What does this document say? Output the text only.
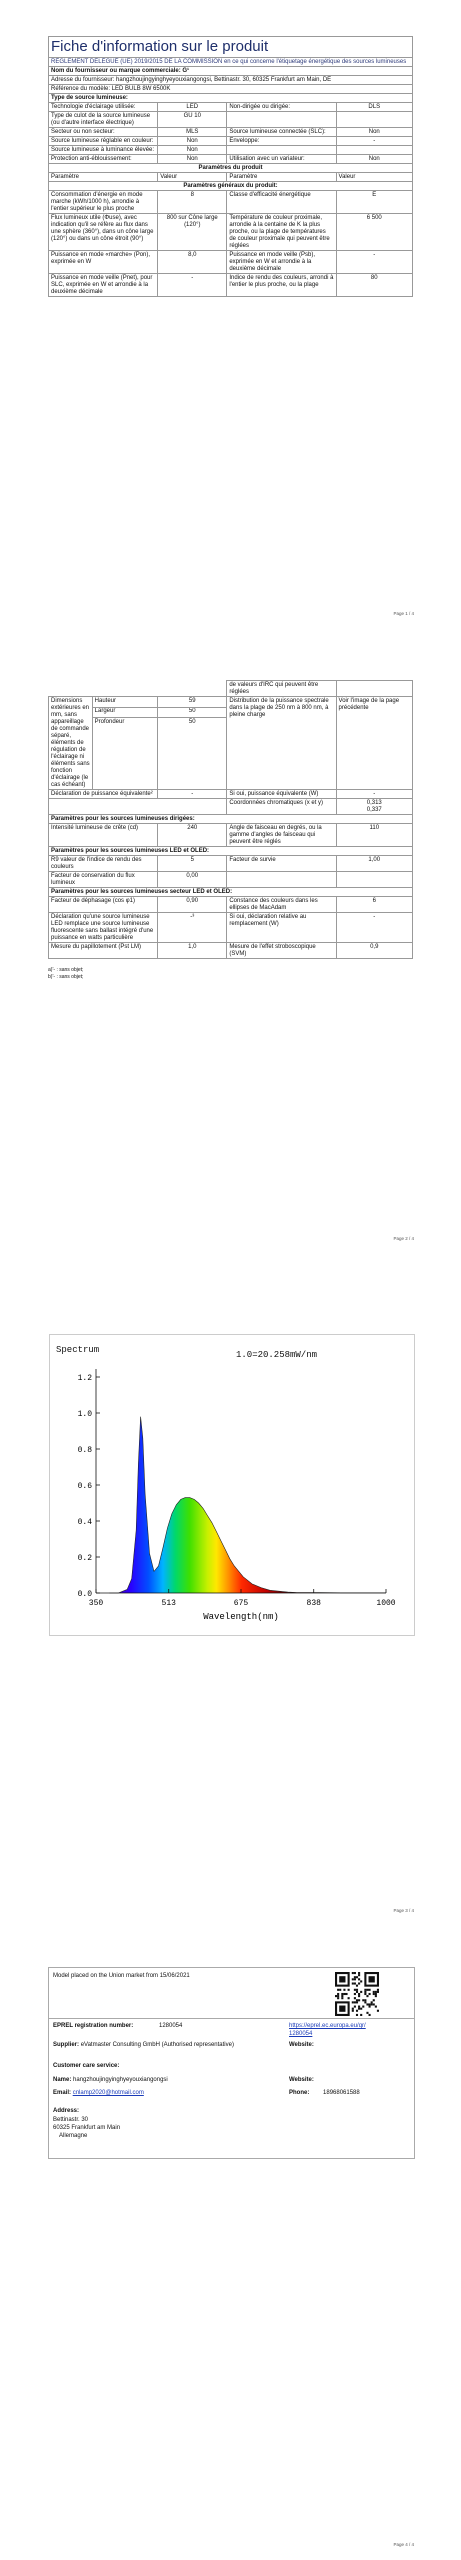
Fiche d'information sur le produit			
RÈGLEMENT DÉLÉGUÉ (UE) 2019/2015 DE LA COMMISSION en ce qui concerne l'étiquetage énergétique des sources lumineuses			
Nom du fournisseur ou marque commerciale: G¹			
Adresse du fournisseur: hangzhoujingyinghyeyouxiangongsi, Bettinastr. 30, 60325 Frankfurt am Main, DE			
Référence du modèle: LED BULB 8W 6500K			
Type de source lumineuse:			
Technologie d'éclairage utilisée:	LED	Non-dirigée ou dirigée:	DLS
Type de culot de la source lumineuse (ou d'autre interface électrique)	GU 10		
Secteur ou non secteur:	MLS	Source lumineuse connectée (SLC):	Non
Source lumineuse réglable en couleur:	Non	Enveloppe:	-
Source lumineuse à luminance élevée:	Non		
Protection anti-éblouissement:	Non	Utilisation avec un variateur:	Non
Paramètres du produit			
Paramètre	Valeur	Paramètre	Valeur
Paramètres généraux du produit:			
Consommation d'énergie en mode marche (kWh/1000 h), arrondie à l'entier supérieur le plus proche	8	Classe d'efficacité énergétique	E
Flux lumineux utile (Φuse), avec indication qu'il se réfère au flux dans une sphère (360°), dans un cône large (120°) ou dans un cône étroit (90°)	800 sur Cône large (120°)	Température de couleur proximale, arrondie à la centaine de K la plus proche, ou la plage de températures de couleur proximale qui peuvent être réglées	6 500
Puissance en mode «marche» (Pon), exprimée en W	8,0	Puissance en mode veille (Psb), exprimée en W et arrondie à la deuxième décimale	-
Puissance en mode veille (Pnet), pour SLC, exprimée en W et arrondie à la deuxième décimale	-	Indice de rendu des couleurs, arrondi à l'entier le plus proche, ou la plage	80
Page 1 / 4
			de valeurs d'IRC qui peuvent être réglées	
Dimensions extérieures en mm, sans appareillage de commande séparé, éléments de régulation de l'éclairage ni éléments sans fonction d'éclairage (le cas échéant)	Hauteur	59	Distribution de la puissance spectrale dans la plage de 250 nm à 800 nm, à pleine charge	Voir l'image de la page précédente
	Largeur	50		
	Profondeur	50		
Déclaration de puissance équivalente²		-	Si oui, puissance équivalente (W)	-
			Coordonnées chromatiques (x et y)	0,313
0,337
Paramètres pour les sources lumineuses dirigées:				
Intensité lumineuse de crête (cd)		240	Angle de faisceau en degrés, ou la gamme d'angles de faisceau qui peuvent être réglés	110
Paramètres pour les sources lumineuses LED et OLED:				
R9 valeur de l'indice de rendu des couleurs		5	Facteur de survie	1,00
Facteur de conservation du flux lumineux		0,00		
Paramètres pour les sources lumineuses secteur LED et OLED:				
Facteur de déphasage (cos φ1)		0,90	Constance des couleurs dans les ellipses de MacAdam	6
Déclaration qu'une source lumineuse LED remplace une source lumineuse fluorescente sans ballast intégré d'une puissance en watts particulière		-³	Si oui, déclaration relative au remplacement (W)	-
Mesure du papillotement (Pst LM)		1,0	Mesure de l'effet stroboscopique (SVM)	0,9
a)'- : sans objet;
b)'- : sans objet;
Page 2 / 4
0.0
0.2
0.4
0.6
0.8
1.0
1.2
350	513	675	838	1000
Wavelength(nm)
Spectrum	1.0=20.258mW/nm
Page 3 / 4
Model placed on the Union market from 15/06/2021
EPREL registration number:	1280054	https://eprel.ec.europa.eu/qr/1280054
Supplier: eVatmaster Consulting GmbH (Authorised representative)	Website:
Customer care service:
Name: hangzhoujingyinghyeyouxiangongsi	Website:
Email: cnlamp2020@hotmail.com	Phone: 18968061588
Address:
Bettinastr. 30
60325 Frankfurt am Main
Allemagne
Page 4 / 4
